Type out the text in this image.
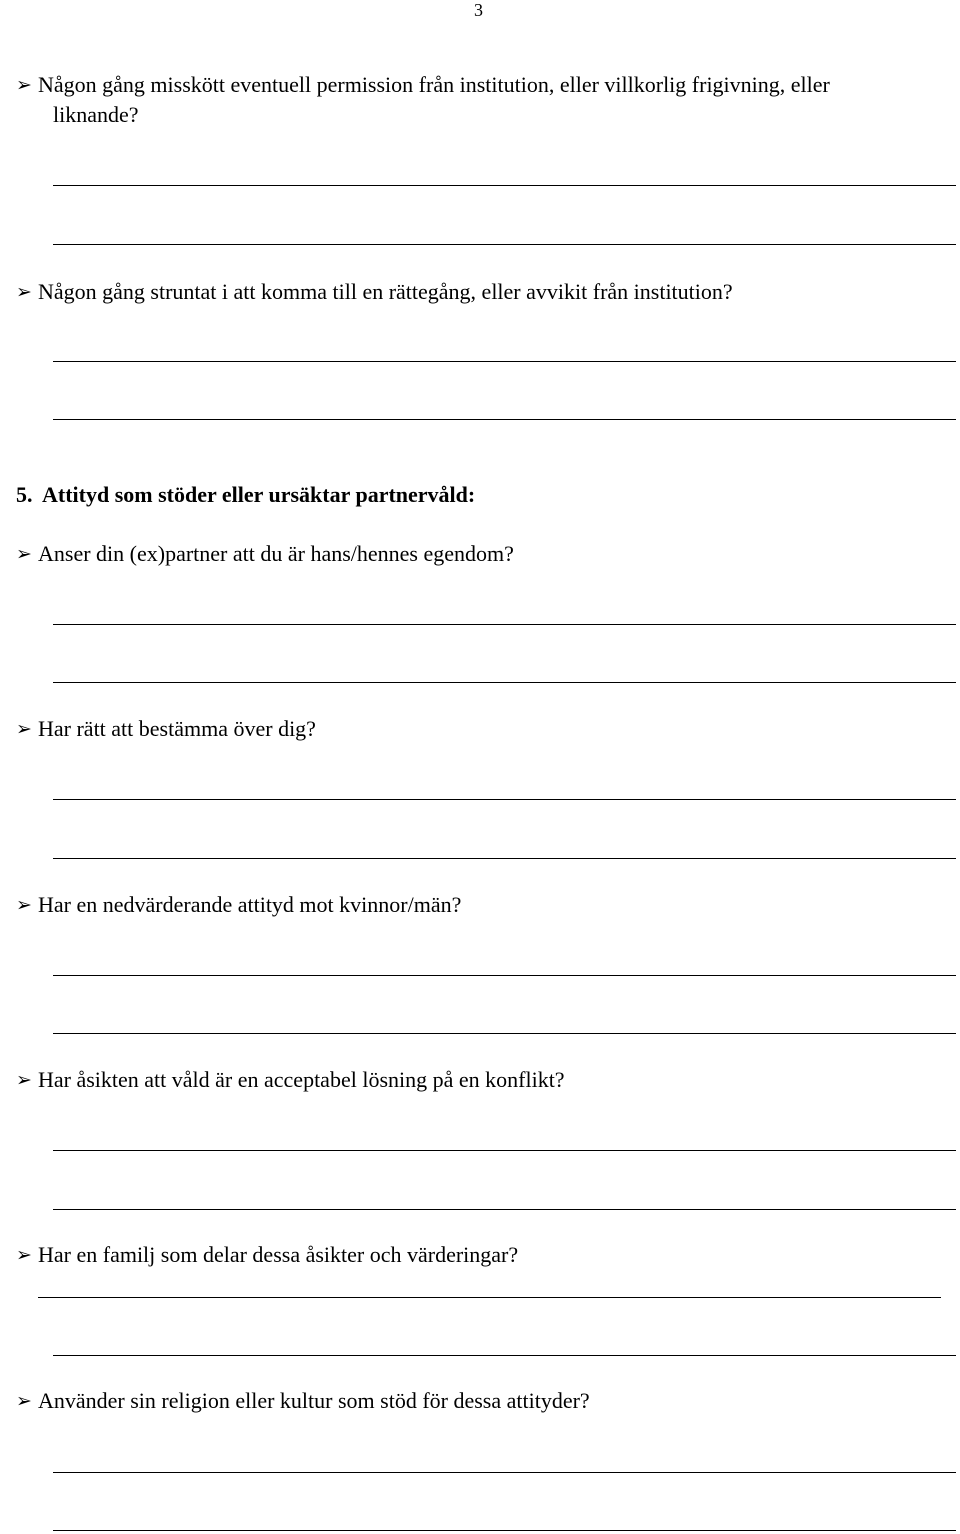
3
➢ Någon gång misskött eventuell permission från institution, eller villkorlig frigivning, eller
liknande?
➢ Någon gång struntat i att komma till en rättegång, eller avvikit från institution?
5. Attityd som stöder eller ursäktar partnervåld:
➢ Anser din (ex)partner att du är hans/hennes egendom?
➢ Har rätt att bestämma över dig?
➢ Har en nedvärderande attityd mot kvinnor/män?
➢ Har åsikten att våld är en acceptabel lösning på en konflikt?
➢ Har en familj som delar dessa åsikter och värderingar?
➢ Använder sin religion eller kultur som stöd för dessa attityder?
